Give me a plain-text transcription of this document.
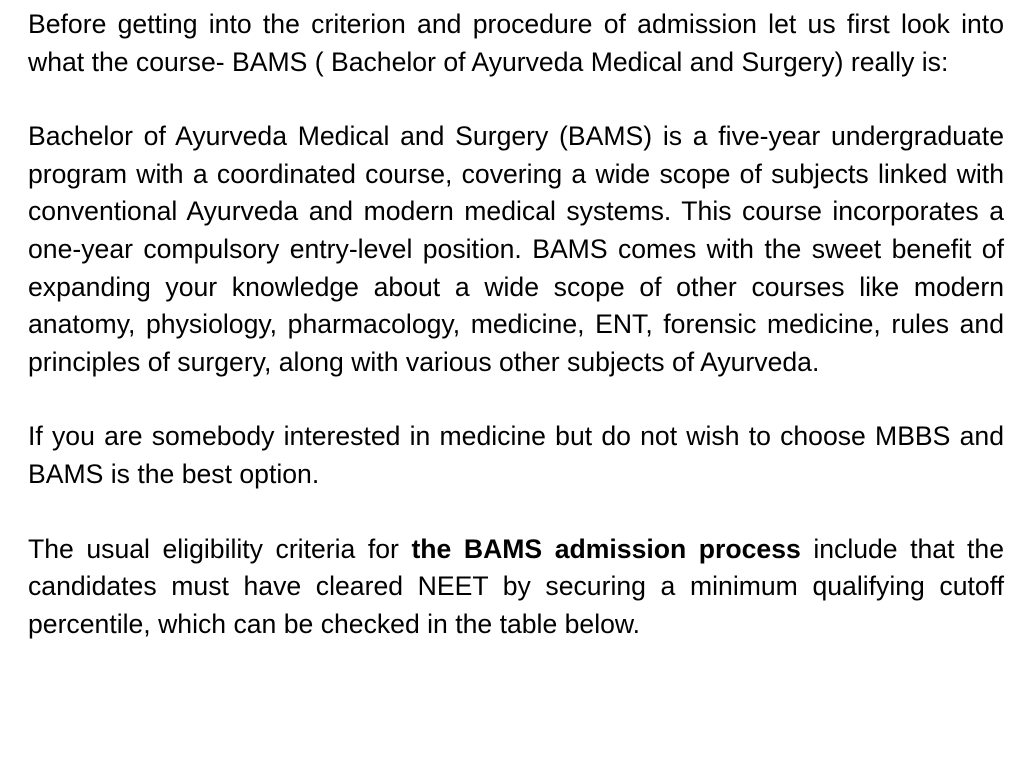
Before getting into the criterion and procedure of admission let us first look into what the course- BAMS ( Bachelor of Ayurveda Medical and Surgery) really is:

Bachelor of Ayurveda Medical and Surgery (BAMS) is a five-year undergraduate program with a coordinated course, covering a wide scope of subjects linked with conventional Ayurveda and modern medical systems. This course incorporates a one-year compulsory entry-level position. BAMS comes with the sweet benefit of expanding your knowledge about a wide scope of other courses like modern anatomy, physiology, pharmacology, medicine, ENT, forensic medicine, rules and principles of surgery, along with various other subjects of Ayurveda.

If you are somebody interested in medicine but do not wish to choose MBBS and BAMS is the best option.

The usual eligibility criteria for the BAMS admission process include that the candidates must have cleared NEET by securing a minimum qualifying cutoff percentile, which can be checked in the table below.
